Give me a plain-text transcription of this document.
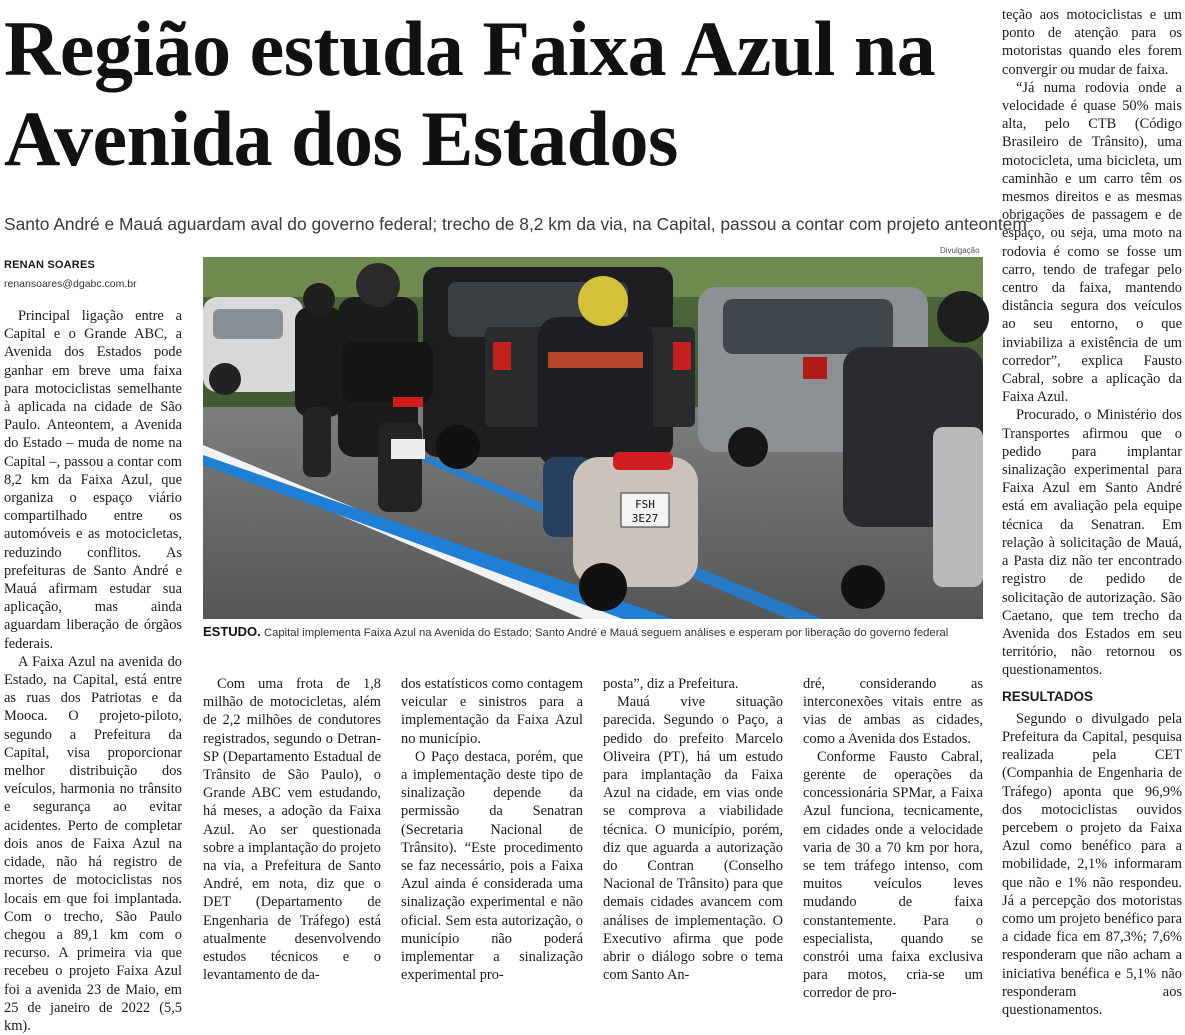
Região estuda Faixa Azul na Avenida dos Estados

Santo André e Mauá aguardam aval do governo federal; trecho de 8,2 km da via, na Capital, passou a contar com projeto anteontem

RENAN SOARES
renansoares@dgabc.com.br

Principal ligação entre a Capital e o Grande ABC, a Avenida dos Estados pode ganhar em breve uma faixa para motociclistas semelhante à aplicada na cidade de São Paulo. Anteontem, a Avenida do Estado – muda de nome na Capital –, passou a contar com 8,2 km da Faixa Azul, que organiza o espaço viário compartilhado entre os automóveis e as motocicletas, reduzindo conflitos. As prefeituras de Santo André e Mauá afirmam estudar sua aplicação, mas ainda aguardam liberação de órgãos federais.

A Faixa Azul na avenida do Estado, na Capital, está entre as ruas dos Patriotas e da Mooca. O projeto-piloto, segundo a Prefeitura da Capital, visa proporcionar melhor distribuição dos veículos, harmonia no trânsito e segurança ao evitar acidentes. Perto de completar dois anos de Faixa Azul na cidade, não há registro de mortes de motociclistas nos locais em que foi implantada. Com o trecho, São Paulo chegou a 89,1 km com o recurso. A primeira via que recebeu o projeto Faixa Azul foi a avenida 23 de Maio, em 25 de janeiro de 2022 (5,5 km).

Divulgação
FSH
3E27

ESTUDO. Capital implementa Faixa Azul na Avenida do Estado; Santo André e Mauá seguem análises e esperam por liberação do governo federal

Com uma frota de 1,8 milhão de motocicletas, além de 2,2 milhões de condutores registrados, segundo o Detran-SP (Departamento Estadual de Trânsito de São Paulo), o Grande ABC vem estudando, há meses, a adoção da Faixa Azul. Ao ser questionada sobre a implantação do projeto na via, a Prefeitura de Santo André, em nota, diz que o DET (Departamento de Engenharia de Tráfego) está atualmente desenvolvendo estudos técnicos e o levantamento de da-

dos estatísticos como contagem veicular e sinistros para a implementação da Faixa Azul no município.

O Paço destaca, porém, que a implementação deste tipo de sinalização depende da permissão da Senatran (Secretaria Nacional de Trânsito). “Este procedimento se faz necessário, pois a Faixa Azul ainda é considerada uma sinalização experimental e não oficial. Sem esta autorização, o município não poderá implementar a sinalização experimental pro-

posta”, diz a Prefeitura.

Mauá vive situação parecida. Segundo o Paço, a pedido do prefeito Marcelo Oliveira (PT), há um estudo para implantação da Faixa Azul na cidade, em vias onde se comprova a viabilidade técnica. O município, porém, diz que aguarda a autorização do Contran (Conselho Nacional de Trânsito) para que demais cidades avancem com análises de implementação. O Executivo afirma que pode abrir o diálogo sobre o tema com Santo An-

dré, considerando as interconexões vitais entre as vias de ambas as cidades, como a Avenida dos Estados.

Conforme Fausto Cabral, gerente de operações da concessionária SPMar, a Faixa Azul funciona, tecnicamente, em cidades onde a velocidade varia de 30 a 70 km por hora, se tem tráfego intenso, com muitos veículos leves mudando de faixa constantemente. Para o especialista, quando se constrói uma faixa exclusiva para motos, cria-se um corredor de pro-

teção aos motociclistas e um ponto de atenção para os motoristas quando eles forem convergir ou mudar de faixa.

“Já numa rodovia onde a velocidade é quase 50% mais alta, pelo CTB (Código Brasileiro de Trânsito), uma motocicleta, uma bicicleta, um caminhão e um carro têm os mesmos direitos e as mesmas obrigações de passagem e de espaço, ou seja, uma moto na rodovia é como se fosse um carro, tendo de trafegar pelo centro da faixa, mantendo distância segura dos veículos ao seu entorno, o que inviabiliza a existência de um corredor”, explica Fausto Cabral, sobre a aplicação da Faixa Azul.

Procurado, o Ministério dos Transportes afirmou que o pedido para implantar sinalização experimental para Faixa Azul em Santo André está em avaliação pela equipe técnica da Senatran. Em relação à solicitação de Mauá, a Pasta diz não ter encontrado registro de pedido de solicitação de autorização. São Caetano, que tem trecho da Avenida dos Estados em seu território, não retornou os questionamentos.

RESULTADOS

Segundo o divulgado pela Prefeitura da Capital, pesquisa realizada pela CET (Companhia de Engenharia de Tráfego) aponta que 96,9% dos motociclistas ouvidos percebem o projeto da Faixa Azul como benéfico para a mobilidade, 2,1% informaram que não e 1% não respondeu. Já a percepção dos motoristas como um projeto benéfico para a cidade fica em 87,3%; 7,6% responderam que não acham a iniciativa benéfica e 5,1% não responderam aos questionamentos.
